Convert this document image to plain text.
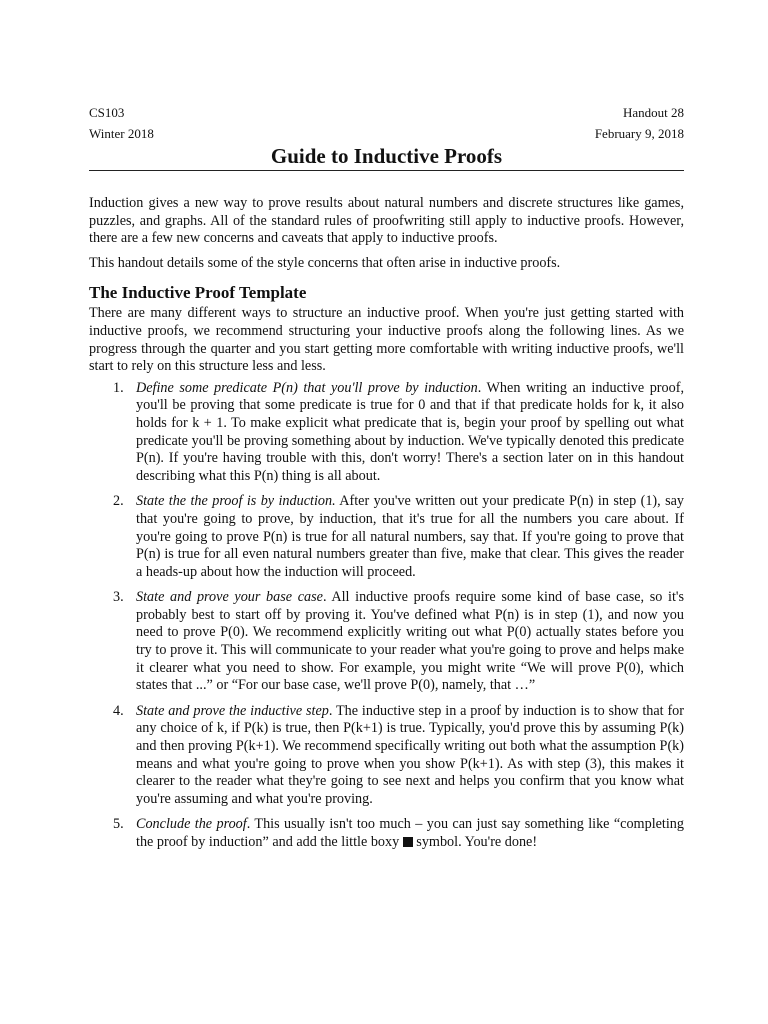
CS103	Handout 28
Winter 2018	February 9, 2018
Guide to Inductive Proofs

Induction gives a new way to prove results about natural numbers and discrete structures like games, puzzles, and graphs. All of the standard rules of proofwriting still apply to inductive proofs. However, there are a few new concerns and caveats that apply to inductive proofs.

This handout details some of the style concerns that often arise in inductive proofs.

The Inductive Proof Template

There are many different ways to structure an inductive proof. When you're just getting started with inductive proofs, we recommend structuring your inductive proofs along the following lines. As we progress through the quarter and you start getting more comfortable with writing inductive proofs, we'll start to rely on this structure less and less.

1. Define some predicate P(n) that you'll prove by induction. When writing an inductive proof, you'll be proving that some predicate is true for 0 and that if that predicate holds for k, it also holds for k + 1. To make explicit what predicate that is, begin your proof by spelling out what predicate you'll be proving something about by induction. We've typically denoted this predicate P(n). If you're having trouble with this, don't worry! There's a section later on in this handout describing what this P(n) thing is all about.
2. State the the proof is by induction. After you've written out your predicate P(n) in step (1), say that you're going to prove, by induction, that it's true for all the numbers you care about. If you're going to prove P(n) is true for all natural numbers, say that. If you're going to prove that P(n) is true for all even natural numbers greater than five, make that clear. This gives the reader a heads-up about how the induction will proceed.
3. State and prove your base case. All inductive proofs require some kind of base case, so it's probably best to start off by proving it. You've defined what P(n) is in step (1), and now you need to prove P(0). We recommend explicitly writing out what P(0) actually states before you try to prove it. This will communicate to your reader what you're going to prove and helps make it clearer what you need to show. For example, you might write “We will prove P(0), which states that ...” or “For our base case, we'll prove P(0), namely, that …”
4. State and prove the inductive step. The inductive step in a proof by induction is to show that for any choice of k, if P(k) is true, then P(k+1) is true. Typically, you'd prove this by assuming P(k) and then proving P(k+1). We recommend specifically writing out both what the assumption P(k) means and what you're going to prove when you show P(k+1). As with step (3), this makes it clearer to the reader what they're going to see next and helps you confirm that you know what you're assuming and what you're proving.
5. Conclude the proof. This usually isn't too much – you can just say something like “completing the proof by induction” and add the little boxy  symbol. You're done!
